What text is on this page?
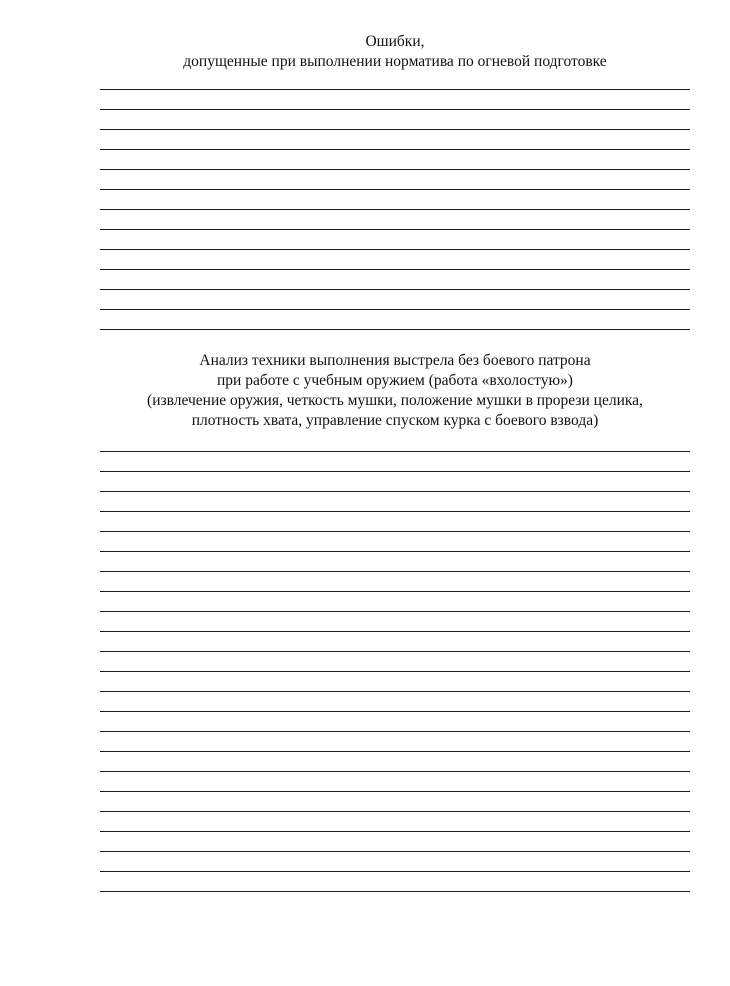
Ошибки,
допущенные при выполнении норматива по огневой подготовке
Анализ техники выполнения выстрела без боевого патрона
при работе с учебным оружием (работа «вхолостую»)
(извлечение оружия, четкость мушки, положение мушки в прорези целика,
плотность хвата, управление спуском курка с боевого взвода)
